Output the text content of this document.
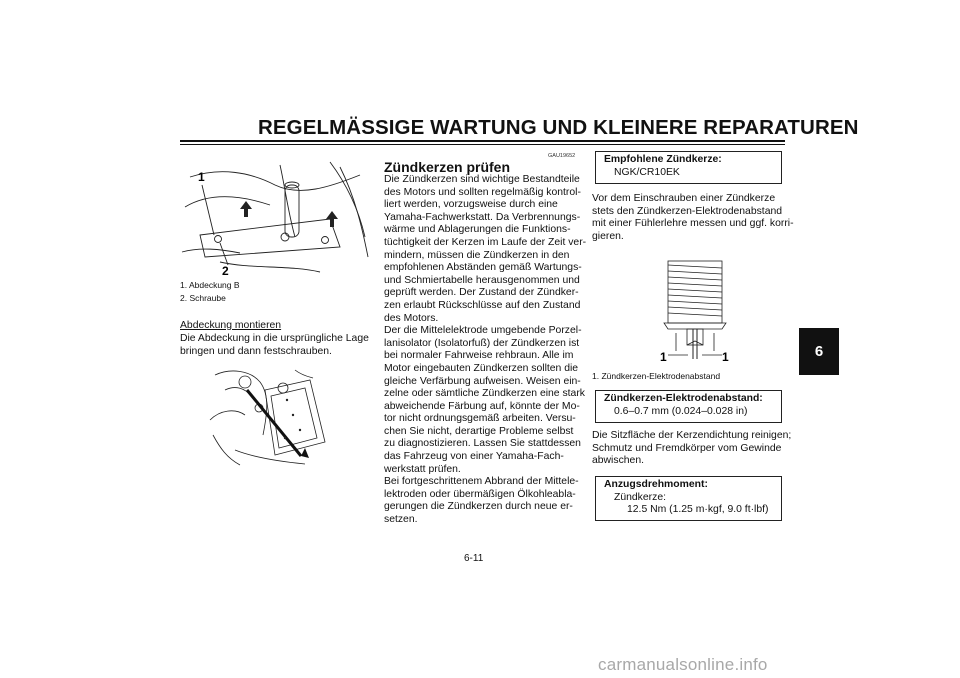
REGELMÄSSIGE WARTUNG UND KLEINERE REPARATUREN
6
1
2
1. Abdeckung B
2. Schraube
Abdeckung montieren
Die Abdeckung in die ursprüngliche Lage
bringen und dann festschrauben.
GAU19652
Zündkerzen prüfen
Die Zündkerzen sind wichtige Bestandteile
des Motors und sollten regelmäßig kontrol-
liert werden, vorzugsweise durch eine
Yamaha-Fachwerkstatt. Da Verbrennungs-
wärme und Ablagerungen die Funktions-
tüchtigkeit der Kerzen im Laufe der Zeit ver-
mindern, müssen die Zündkerzen in den
empfohlenen Abständen gemäß Wartungs-
und Schmiertabelle herausgenommen und
geprüft werden. Der Zustand der Zündker-
zen erlaubt Rückschlüsse auf den Zustand
des Motors.
Der die Mittelelektrode umgebende Porzel-
lanisolator (Isolatorfuß) der Zündkerzen ist
bei normaler Fahrweise rehbraun. Alle im
Motor eingebauten Zündkerzen sollten die
gleiche Verfärbung aufweisen. Weisen ein-
zelne oder sämtliche Zündkerzen eine stark
abweichende Färbung auf, könnte der Mo-
tor nicht ordnungsgemäß arbeiten. Versu-
chen Sie nicht, derartige Probleme selbst
zu diagnostizieren. Lassen Sie stattdessen
das Fahrzeug von einer Yamaha-Fach-
werkstatt prüfen.
Bei fortgeschrittenem Abbrand der Mittele-
lektroden oder übermäßigen Ölkohleabla-
gerungen die Zündkerzen durch neue er-
setzen.
Empfohlene Zündkerze:
NGK/CR10EK
Vor dem Einschrauben einer Zündkerze
stets den Zündkerzen-Elektrodenabstand
mit einer Fühlerlehre messen und ggf. korri-
gieren.
1	1
1. Zündkerzen-Elektrodenabstand
Zündkerzen-Elektrodenabstand:
0.6–0.7 mm (0.024–0.028 in)
Die Sitzfläche der Kerzendichtung reinigen;
Schmutz und Fremdkörper vom Gewinde
abwischen.
Anzugsdrehmoment:
Zündkerze:
12.5 Nm (1.25 m·kgf, 9.0 ft·lbf)
6-11
carmanualsonline.info
